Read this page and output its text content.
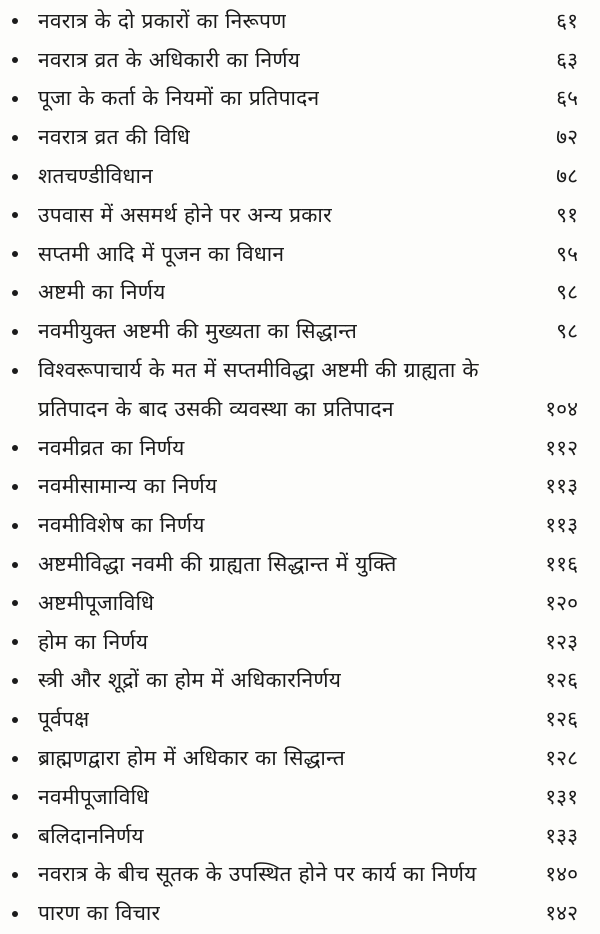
नवरात्र के दो प्रकारों का निरूपण	६१
नवरात्र व्रत के अधिकारी का निर्णय	६३
पूजा के कर्ता के नियमों का प्रतिपादन	६५
नवरात्र व्रत की विधि	७२
शतचण्डीविधान	७८
उपवास में असमर्थ होने पर अन्य प्रकार	९१
सप्तमी आदि में पूजन का विधान	९५
अष्टमी का निर्णय	९८
नवमीयुक्त अष्टमी की मुख्यता का सिद्धान्त	९८
विश्वरूपाचार्य के मत में सप्तमीविद्धा अष्टमी की ग्राह्यता के
प्रतिपादन के बाद उसकी व्यवस्था का प्रतिपादन	१०४
नवमीव्रत का निर्णय	११२
नवमीसामान्य का निर्णय	११३
नवमीविशेष का निर्णय	११३
अष्टमीविद्धा नवमी की ग्राह्यता सिद्धान्त में युक्ति	११६
अष्टमीपूजाविधि	१२०
होम का निर्णय	१२३
स्त्री और शूद्रों का होम में अधिकारनिर्णय	१२६
पूर्वपक्ष	१२६
ब्राह्मणद्वारा होम में अधिकार का सिद्धान्त	१२८
नवमीपूजाविधि	१३१
बलिदाननिर्णय	१३३
नवरात्र के बीच सूतक के उपस्थित होने पर कार्य का निर्णय	१४०
पारण का विचार	१४२
